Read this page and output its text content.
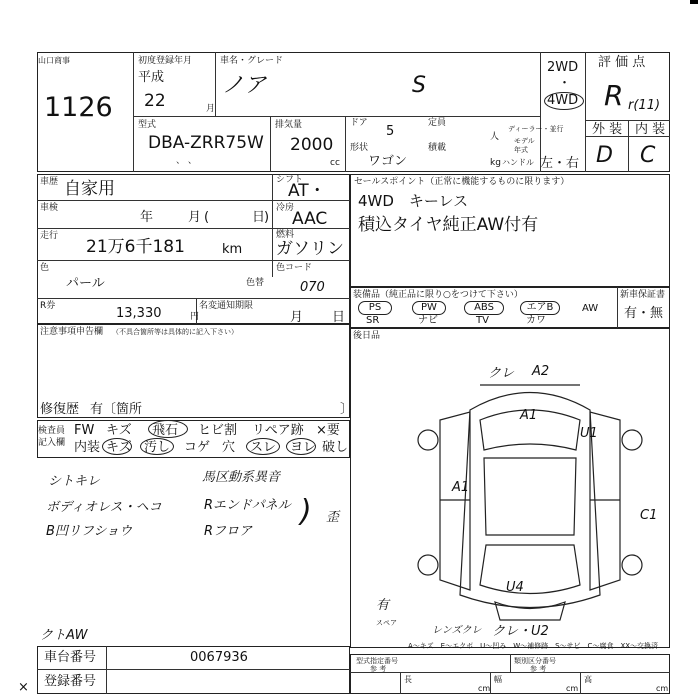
山口商事
1126
初度登録年月
平成
22	月
車名・グレード
ノア	S
2WD
・
4WD
評 価 点
R r(11)
型式
DBA-ZRR75W
、 、
排気量
2000
cc
ドア
5
定員
人
ディーラー・並行
モデル
年式
形状
ワゴン
積載
kg ハンドル 左・右
外 装 内 装
D C
車歴 自家用
車検
年	月 (	日
)
走行
21万6千181	km
シフト
AT・
冷房
AAC
燃料
ガソリン
色
パール	色替
色コード
070
R券	13,330	円
名変通知期限
月 日
セールスポイント（正常に機能するものに限ります）
4WD　キーレス
積込タイヤ純正AW付有
装備品（純正品に限り○をつけて下さい）
PS	PW	ABS	エアB	AW
SR	ナビ	TV	カワ
新車保証書
有・無
注意事項申告欄 （不具合箇所等は具体的に記入下さい）
修復歴 有〔箇所	〕
後日品
検査員
記入欄
FW キズ 飛石 ヒビ割 リペア跡 ×要
内装 キズ 汚し コゲ 穴 スレ ヨレ 破し
シトキレ
ボディオレス・ヘコ
B凹リフショウ
馬区動系異音
Rエンドパネル
Rフロア
) 歪
クレ A2
A1
U1
A1
C1
U4
レンズクレ クレ・U2
有
スペア
A～キズ　E～エクボ　U～凹み　W～補修跡　S～サビ　C～腐食　XX～交換済
クトAW
車台番号	0067936
登録番号
型式指定番号
参 考
類別区分番号
参 考
長
cm
幅
cm
高
cm
×
